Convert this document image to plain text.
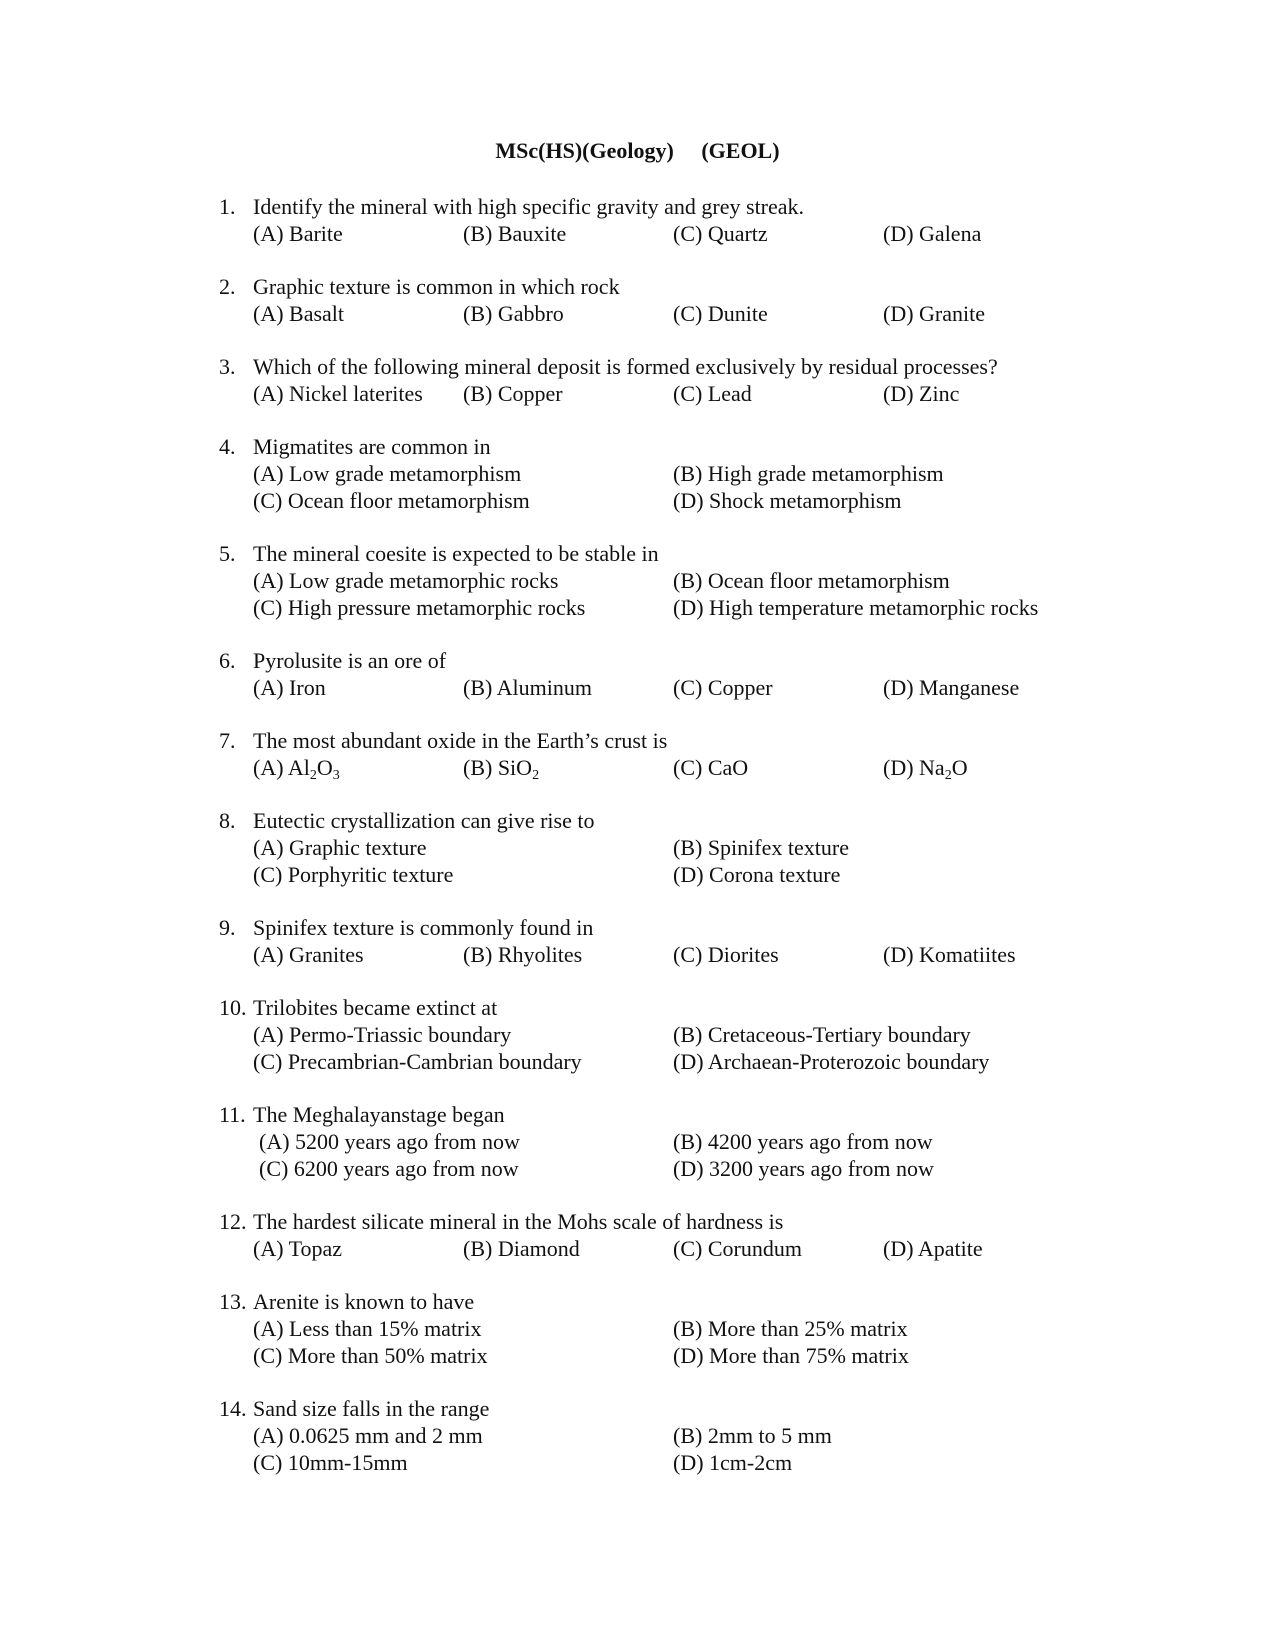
MSc(HS)(Geology)     (GEOL)
1. Identify the mineral with high specific gravity and grey streak.
(A) Barite	(B) Bauxite	(C) Quartz	(D) Galena
2. Graphic texture is common in which rock
(A) Basalt	(B) Gabbro	(C) Dunite	(D) Granite
3. Which of the following mineral deposit is formed exclusively by residual processes?
(A) Nickel laterites	(B) Copper	(C) Lead	(D) Zinc
4. Migmatites are common in
(A) Low grade metamorphism	(B) High grade metamorphism
(C) Ocean floor metamorphism	(D) Shock metamorphism
5. The mineral coesite is expected to be stable in
(A) Low grade metamorphic rocks	(B) Ocean floor metamorphism
(C) High pressure metamorphic rocks	(D) High temperature metamorphic rocks
6. Pyrolusite is an ore of
(A) Iron	(B) Aluminum	(C) Copper	(D) Manganese
7. The most abundant oxide in the Earth’s crust is
(A) $Al_2O_3$	(B) SiO$_2$	(C) CaO	(D) $Na_2O$
8. Eutectic crystallization can give rise to
(A) Graphic texture	(B) Spinifex texture
(C) Porphyritic texture	(D) Corona texture
9. Spinifex texture is commonly found in
(A) Granites	(B) Rhyolites	(C) Diorites	(D) Komatiites
10. Trilobites became extinct at
(A) Permo-Triassic boundary	(B) Cretaceous-Tertiary boundary
(C) Precambrian-Cambrian boundary	(D) Archaean-Proterozoic boundary
11. The Meghalayanstage began
(A) 5200 years ago from now	(B) 4200 years ago from now
(C) 6200 years ago from now	(D) 3200 years ago from now
12. The hardest silicate mineral in the Mohs scale of hardness is
(A) Topaz	(B) Diamond	(C) Corundum	(D) Apatite
13. Arenite is known to have
(A) Less than 15% matrix	(B) More than 25% matrix
(C) More than 50% matrix	(D) More than 75% matrix
14. Sand size falls in the range
(A) 0.0625 mm and 2 mm	(B) 2mm to 5 mm
(C) 10mm-15mm	(D) 1cm-2cm
